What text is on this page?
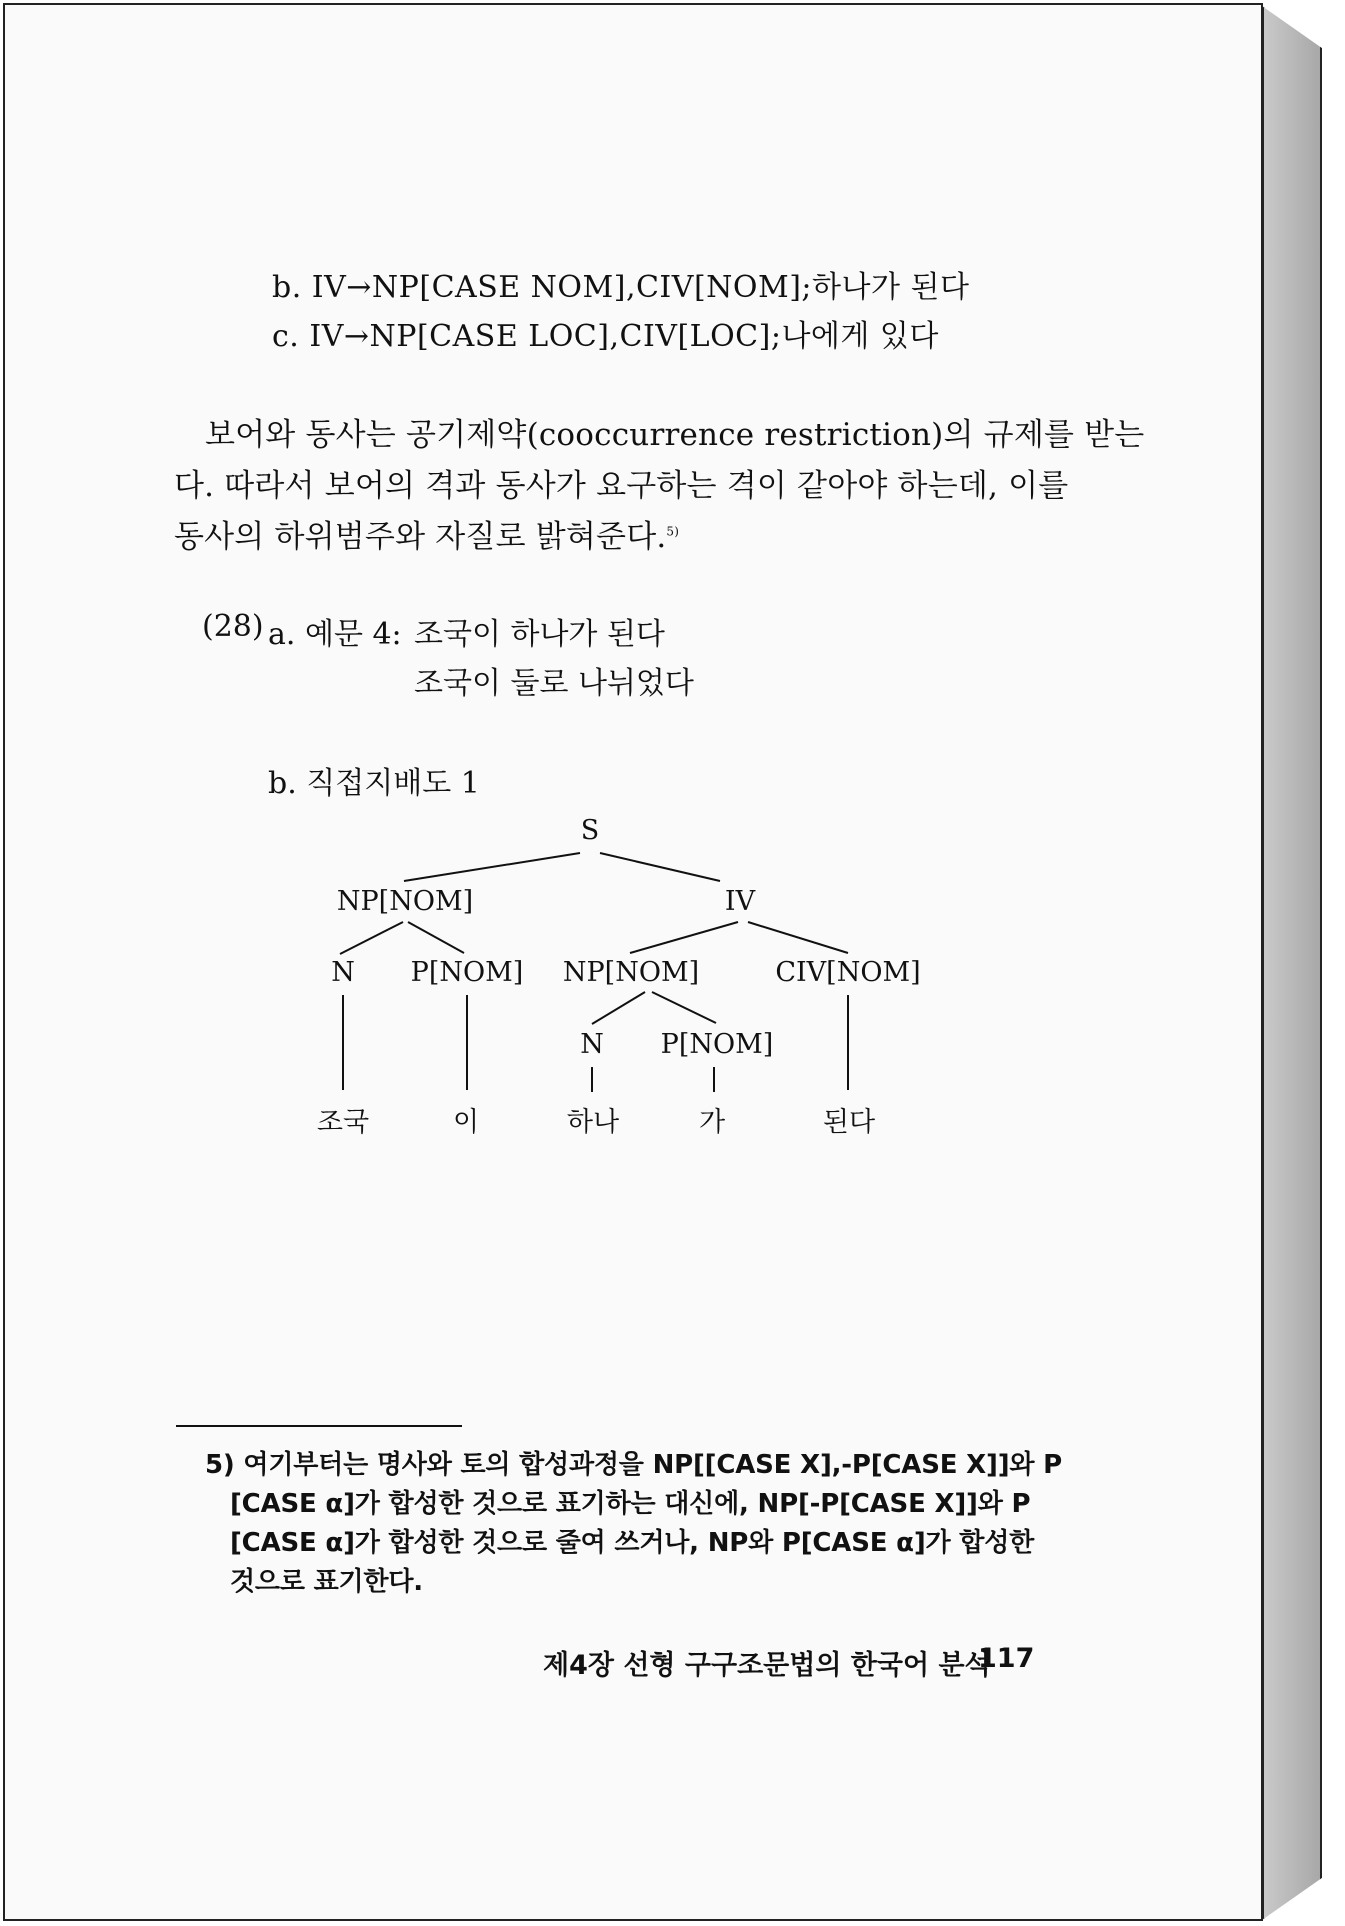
b. IV→NP[CASE NOM],CIV[NOM];하나가 된다
c. IV→NP[CASE LOC],CIV[LOC];나에게 있다
보어와 동사는 공기제약(cooccurrence restriction)의 규제를 받는
다. 따라서 보어의 격과 동사가 요구하는 격이 같아야 하는데, 이를
동사의 하위범주와 자질로 밝혀준다.$^{5)}$
(28) a. 예문 4: 조국이 하나가 된다
조국이 둘로 나뉘었다
b. 직접지배도 1
S
NP[NOM]	IV
N P[NOM] NP[NOM]	CIV[NOM]
N P[NOM]
조국	이	하나	가	된다
5) 여기부터는 명사와 토의 합성과정을 NP[[CASE X],-P[CASE X]]와 P
[CASE α]가 합성한 것으로 표기하는 대신에, NP[-P[CASE X]]와 P
[CASE α]가 합성한 것으로 줄여 쓰거나, NP와 P[CASE α]가 합성한
것으로 표기한다.
제4장 선형 구구조문법의 한국어 분석
117
